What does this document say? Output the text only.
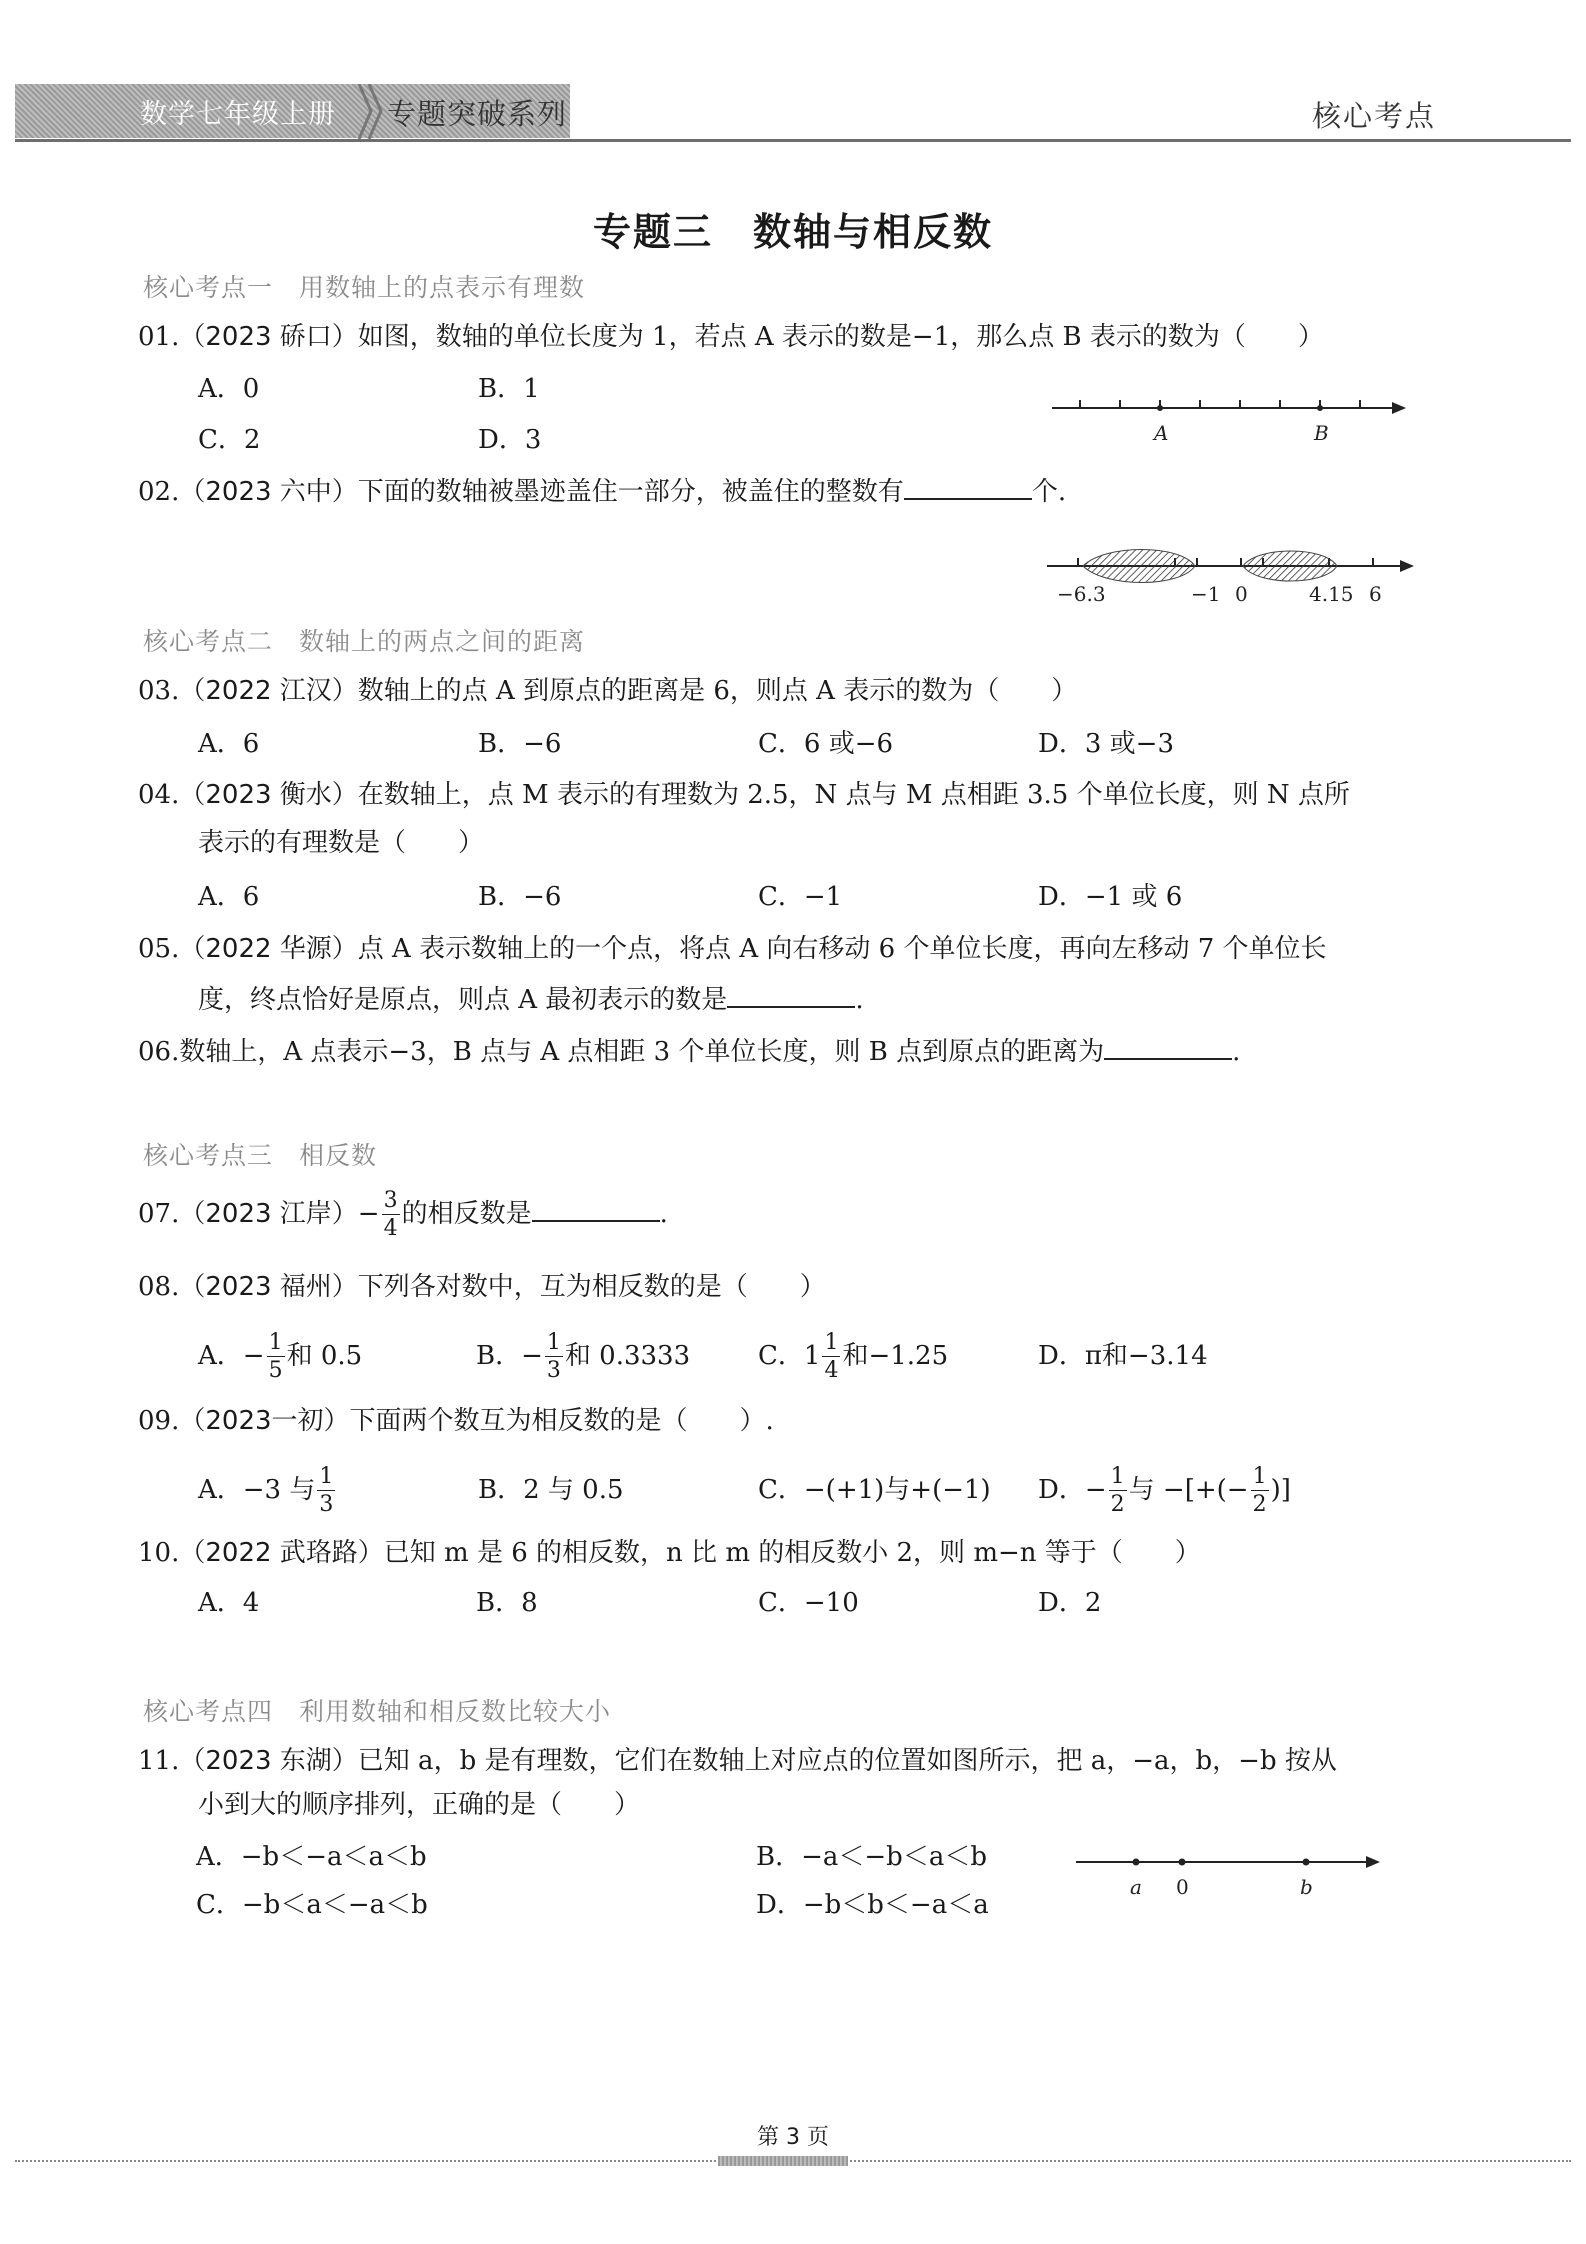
数学七年级上册 专题突破系列	核心考点
专题三　数轴与相反数
核心考点一　用数轴上的点表示有理数
01.（2023 硚口）如图，数轴的单位长度为 1，若点 A 表示的数是−1，那么点 B 表示的数为（　　）
A．0	B．1
C．2	D．3	A	B
02.（2023 六中）下面的数轴被墨迹盖住一部分，被盖住的整数有	个.
−6.3	−1 0	4.15 6
核心考点二　数轴上的两点之间的距离
03.（2022 江汉）数轴上的点 A 到原点的距离是 6，则点 A 表示的数为（　　）
A．6	B．−6	C．6 或−6	D．3 或−3
04.（2023 衡水）在数轴上，点 M 表示的有理数为 2.5，N 点与 M 点相距 3.5 个单位长度，则 N 点所
表示的有理数是（　　）
A．6	B．−6	C．−1	D．−1 或 6
05.（2022 华源）点 A 表示数轴上的一个点，将点 A 向右移动 6 个单位长度，再向左移动 7 个单位长
度，终点恰好是原点，则点 A 最初表示的数是	.
06.数轴上，A 点表示−3，B 点与 A 点相距 3 个单位长度，则 B 点到原点的距离为	.
核心考点三　相反数
07.（2023 江岸）− $\frac{3}{4}$ 的相反数是	.
08.（2023 福州）下列各对数中，互为相反数的是（　　）
A．− $\frac{1}{5}$ 和 0.5	B．− $\frac{1}{3}$ 和 0.3333	C．$1 \frac{1}{4}$ 和−1.25	D．π和−3.14
09.（2023一初）下面两个数互为相反数的是（　　）.
A．−3 与 $\frac{1}{3}$	B．2 与 0.5	C．−(+1)与+(−1) D．− $\frac{1}{2}$ 与 −[+(− $\frac{1}{2}$ )]
10.（2022 武珞路）已知 m 是 6 的相反数，n 比 m 的相反数小 2，则 m−n 等于（　　）
A．4	B．8	C．−10	D．2
核心考点四　利用数轴和相反数比较大小
11.（2023 东湖）已知 a，b 是有理数，它们在数轴上对应点的位置如图所示，把 a，−a，b，−b 按从
小到大的顺序排列，正确的是（　　）
A．−b＜−a＜a＜b	B．−a＜−b＜a＜b
C．−b＜a＜−a＜b	D．−b＜b＜−a＜a
a 0	b
第 3 页
